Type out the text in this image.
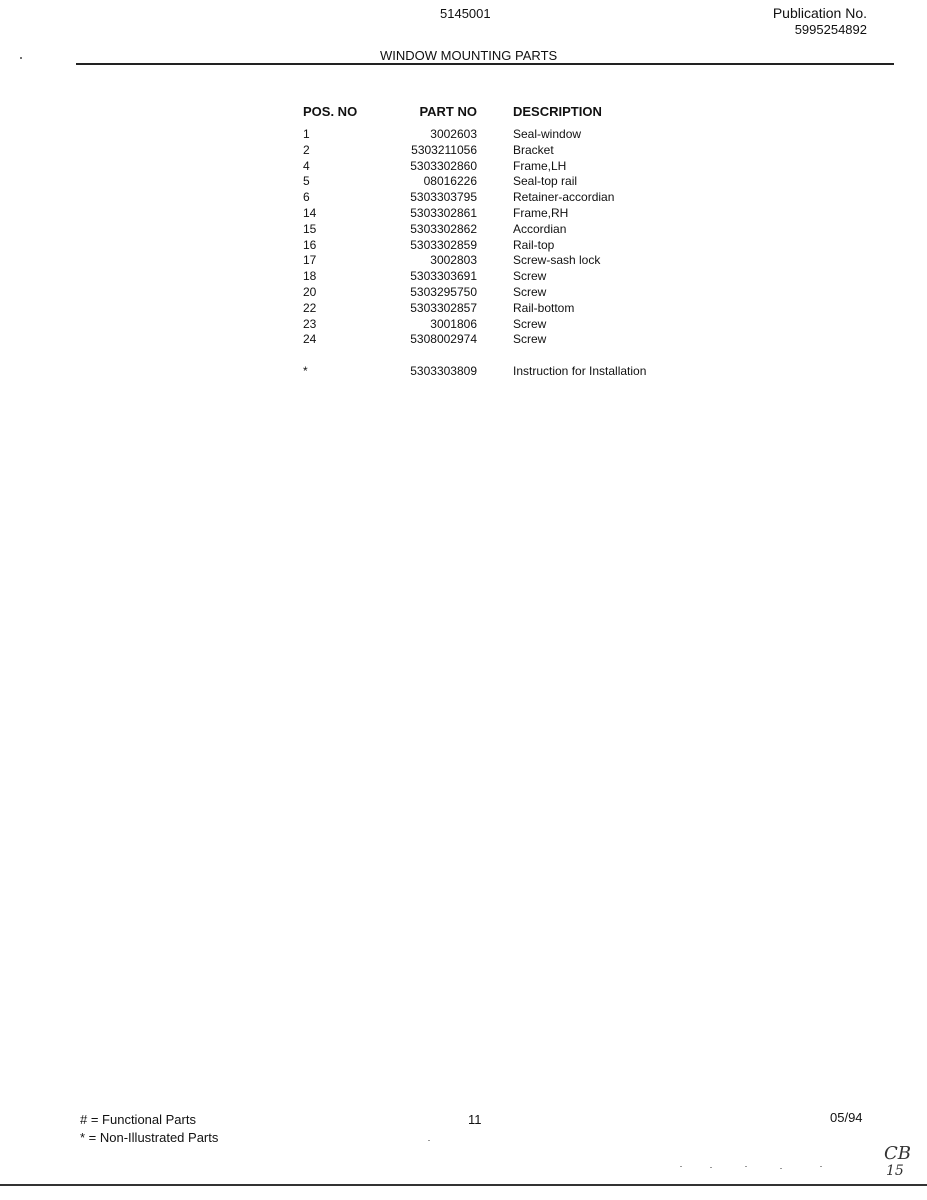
5145001	Publication No.
5995254892
WINDOW MOUNTING PARTS
POS. NO	PART NO	DESCRIPTION
1	3002603	Seal-window
2	5303211056	Bracket
4	5303302860	Frame,LH
5	08016226	Seal-top rail
6	5303303795	Retainer-accordian
14	5303302861	Frame,RH
15	5303302862	Accordian
16	5303302859	Rail-top
17	3002803	Screw-sash lock
18	5303303691	Screw
20	5303295750	Screw
22	5303302857	Rail-bottom
23	3001806	Screw
24	5308002974	Screw

*	5303303809	Instruction for Installation
# = Functional Parts
* = Non-Illustrated Parts
11	05/94
CB
15
